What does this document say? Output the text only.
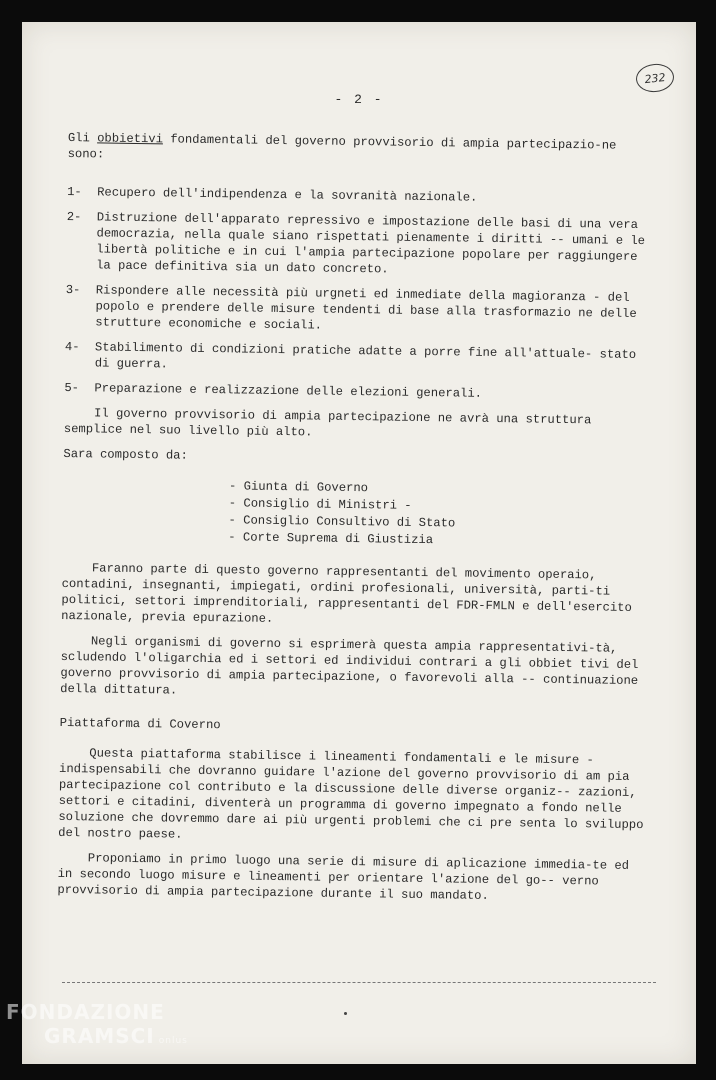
232
- 2 -

Gli obbietivi fondamentali del governo provvisorio di ampia partecipazio-ne sono:

1-	Recupero dell'indipendenza e la sovranità nazionale.
2-	Distruzione dell'apparato repressivo e impostazione delle basi di una vera democrazia, nella quale siano rispettati pienamente i diritti -- umani e le libertà politiche e in cui l'ampia partecipazione popolare per raggiungere la pace definitiva sia un dato concreto.
3-	Rispondere alle necessità più urgneti ed inmediate della magioranza - del popolo e prendere delle misure tendenti di base alla trasformazio ne delle strutture economiche e sociali.
4-	Stabilimento di condizioni pratiche adatte a porre fine all'attuale- stato di guerra.
5-	Preparazione e realizzazione delle elezioni generali.

Il governo provvisorio di ampia partecipazione ne avrà una struttura semplice nel suo livello più alto.

Sara composto da:

- Giunta di Governo
- Consiglio di Ministri -
- Consiglio Consultivo di Stato
- Corte Suprema di Giustizia

Faranno parte di questo governo rappresentanti del movimento operaio, contadini, insegnanti, impiegati, ordini profesionali, università, parti-ti politici, settori imprenditoriali, rappresentanti del FDR-FMLN e dell'esercito nazionale, previa epurazione.

Negli organismi di governo si esprimerà questa ampia rappresentativi-tà, scludendo l'oligarchia ed i settori ed individui contrari a gli obbiet tivi del governo provvisorio di ampia partecipazione, o favorevoli alla -- continuazione della dittatura.

Piattaforma di Coverno

Questa piattaforma stabilisce i lineamenti fondamentali e le misure - indispensabili che dovranno guidare l'azione del governo provvisorio di am pia partecipazione col contributo e la discussione delle diverse organiz-- zazioni, settori e citadini, diventerà un programma di governo impegnato a fondo nelle soluzione che dovremmo dare ai più urgenti problemi che ci pre senta lo sviluppo del nostro paese.

Proponiamo in primo luogo una serie di misure di aplicazione immedia-te ed in secondo luogo misure e lineamenti per orientare l'azione del go-- verno provvisorio di ampia partecipazione durante il suo mandato.

FONDAZIONE
GRAMSCI onlus
